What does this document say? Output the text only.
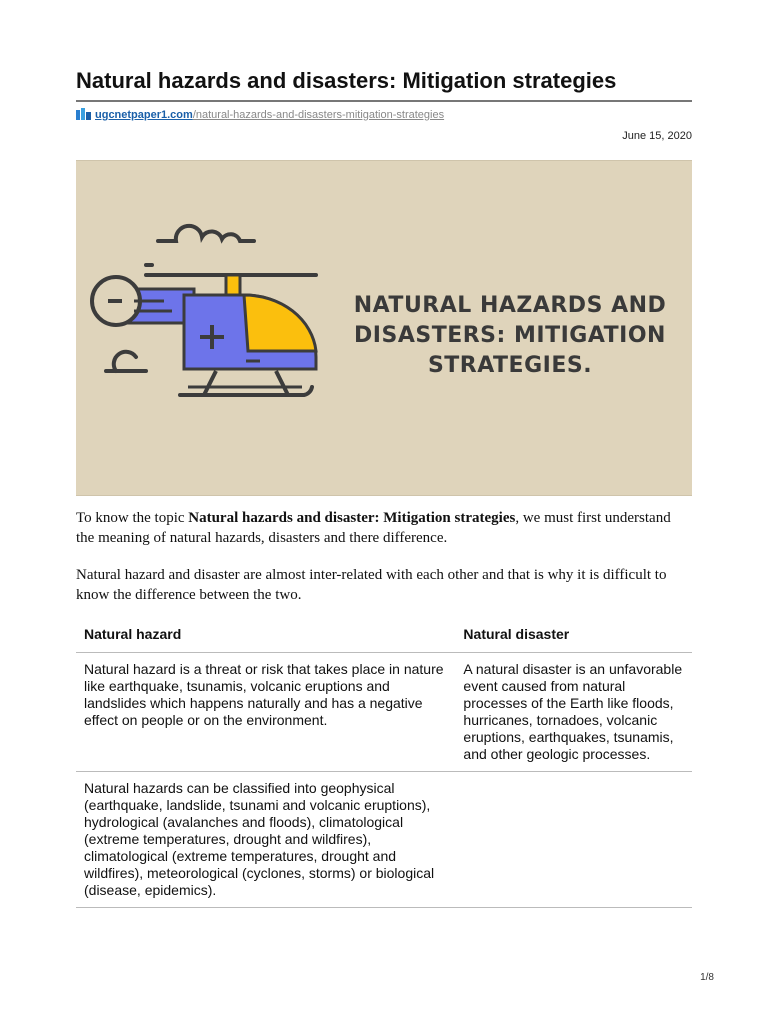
Natural hazards and disasters: Mitigation strategies
ugcnetpaper1.com /natural-hazards-and-disasters-mitigation-strategies
June 15, 2020
NATURAL HAZARDS AND
DISASTERS: MITIGATION
STRATEGIES.

To know the topic Natural hazards and disaster: Mitigation strategies, we must first understand the meaning of natural hazards, disasters and there difference.

Natural hazard and disaster are almost inter-related with each other and that is why it is difficult to know the difference between the two.

Natural hazard	Natural disaster
Natural hazard is a threat or risk that takes place in nature like earthquake, tsunamis, volcanic eruptions and landslides which happens naturally and has a negative effect on people or on the environment.	A natural disaster is an unfavorable event caused from natural processes of the Earth like floods, hurricanes, tornadoes, volcanic eruptions, earthquakes, tsunamis, and other geologic processes.
Natural hazards can be classified into geophysical (earthquake, landslide, tsunami and volcanic eruptions), hydrological (avalanches and floods), climatological (extreme temperatures, drought and wildfires), climatological (extreme temperatures, drought and wildfires), meteorological (cyclones, storms) or biological (disease, epidemics).	
1/8
